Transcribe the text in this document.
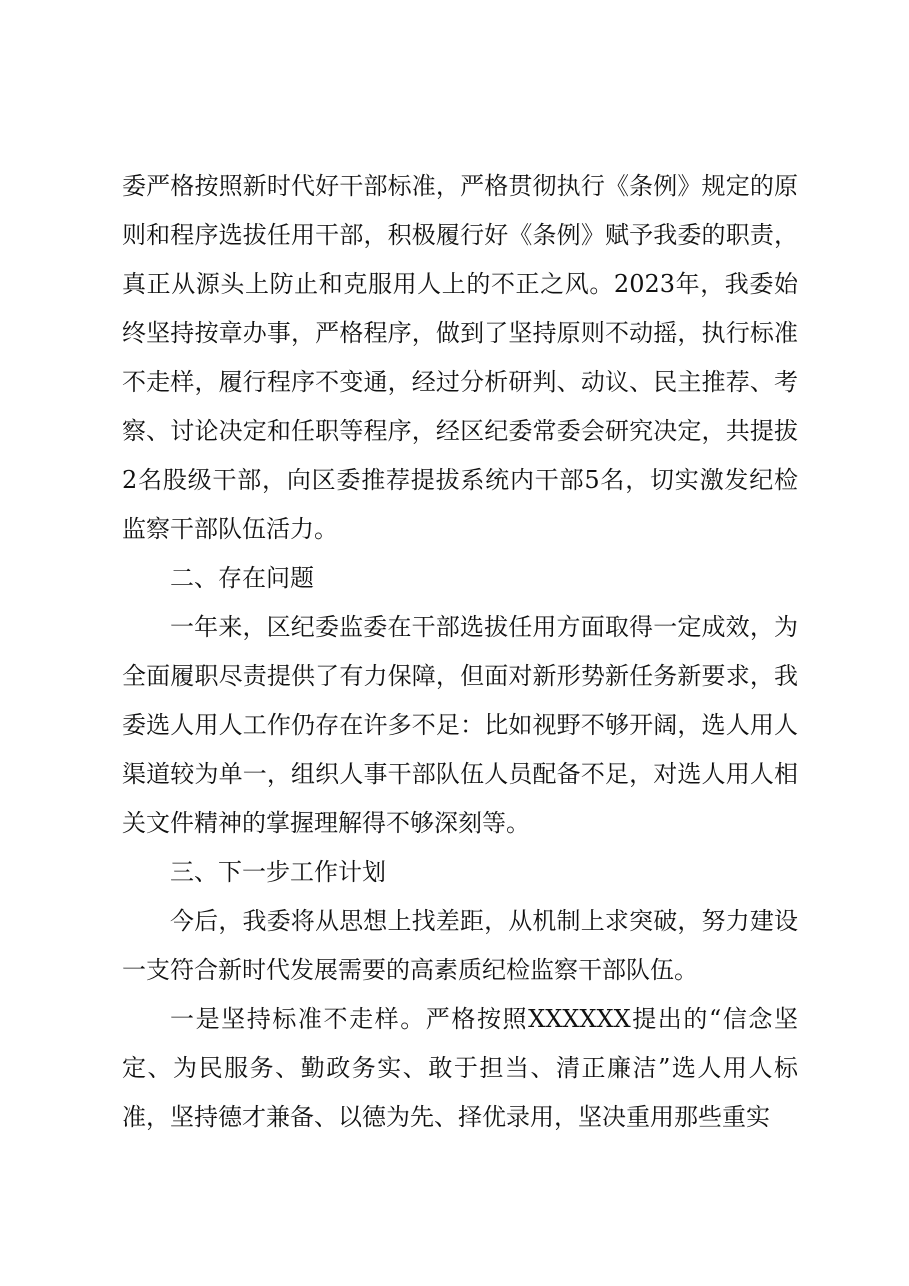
委严格按照新时代好干部标准，严格贯彻执行《条例》规定的原则和程序选拔任用干部，积极履行好《条例》赋予我委的职责，真正从源头上防止和克服用人上的不正之风。2023年，我委始终坚持按章办事，严格程序，做到了坚持原则不动摇，执行标准不走样，履行程序不变通，经过分析研判、动议、民主推荐、考察、讨论决定和任职等程序，经区纪委常委会研究决定，共提拔2名股级干部，向区委推荐提拔系统内干部5名，切实激发纪检监察干部队伍活力。

二、存在问题

一年来，区纪委监委在干部选拔任用方面取得一定成效，为全面履职尽责提供了有力保障，但面对新形势新任务新要求，我委选人用人工作仍存在许多不足：比如视野不够开阔，选人用人渠道较为单一，组织人事干部队伍人员配备不足，对选人用人相关文件精神的掌握理解得不够深刻等。

三、下一步工作计划

今后，我委将从思想上找差距，从机制上求突破，努力建设一支符合新时代发展需要的高素质纪检监察干部队伍。

一是坚持标准不走样。严格按照XXXXXX提出的“信念坚定、为民服务、勤政务实、敢于担当、清正廉洁”选人用人标准，坚持德才兼备、以德为先、择优录用，坚决重用那些重实
